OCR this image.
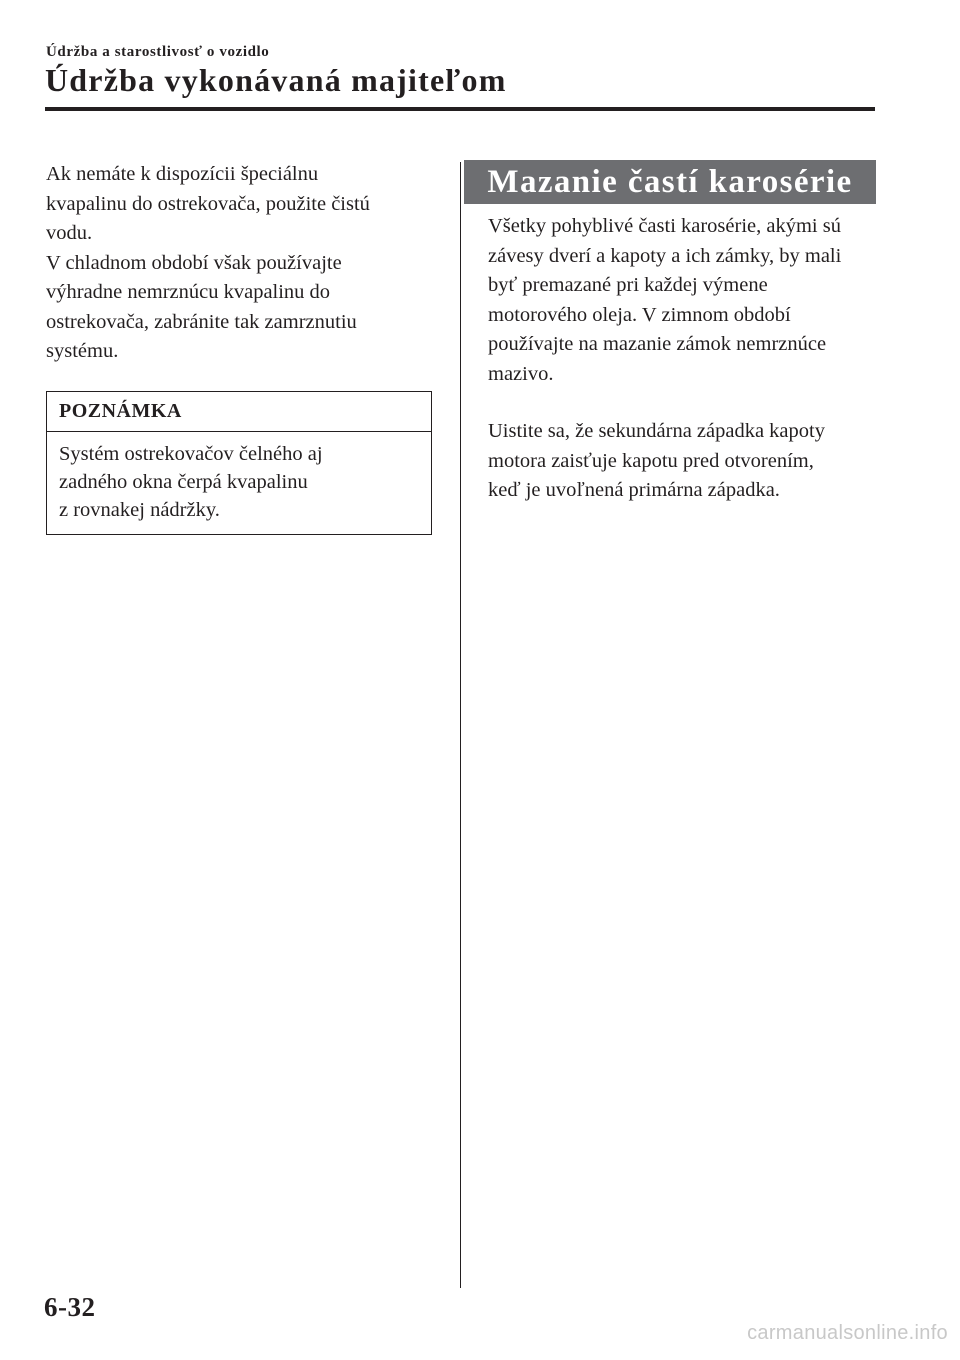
Údržba a starostlivosť o vozidlo
Údržba vykonávaná majiteľom

Ak nemáte k dispozícii špeciálnu
kvapalinu do ostrekovača, použite čistú
vodu.
V chladnom období však používajte
výhradne nemrznúcu kvapalinu do
ostrekovača, zabránite tak zamrznutiu
systému.

POZNÁMKA
Systém ostrekovačov čelného aj
zadného okna čerpá kvapalinu
z rovnakej nádržky.
Mazanie častí karosérie

Všetky pohyblivé časti karosérie, akými sú
závesy dverí a kapoty a ich zámky, by mali
byť premazané pri každej výmene
motorového oleja. V zimnom období
používajte na mazanie zámok nemrznúce
mazivo.

Uistite sa, že sekundárna západka kapoty
motora zaisťuje kapotu pred otvorením,
keď je uvoľnená primárna západka.

6-32
carmanualsonline.info
